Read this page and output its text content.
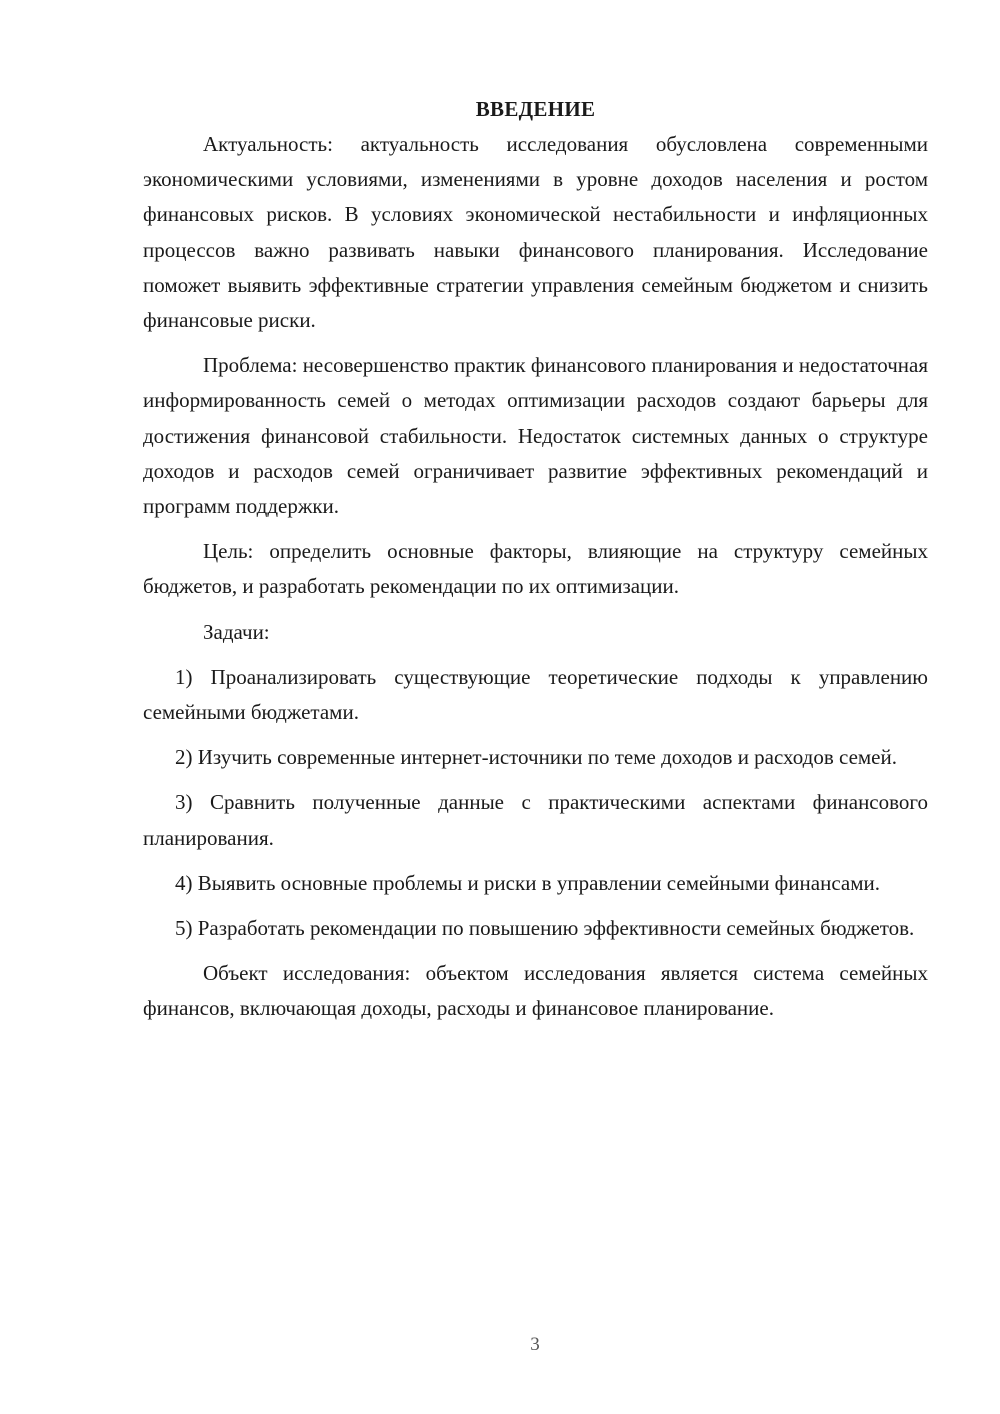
ВВЕДЕНИЕ

Актуальность: актуальность исследования обусловлена современными экономическими условиями, изменениями в уровне доходов населения и ростом финансовых рисков. В условиях экономической нестабильности и инфляционных процессов важно развивать навыки финансового планирования. Исследование поможет выявить эффективные стратегии управления семейным бюджетом и снизить финансовые риски.

Проблема: несовершенство практик финансового планирования и недостаточная информированность семей о методах оптимизации расходов создают барьеры для достижения финансовой стабильности. Недостаток системных данных о структуре доходов и расходов семей ограничивает развитие эффективных рекомендаций и программ поддержки.

Цель: определить основные факторы, влияющие на структуру семейных бюджетов, и разработать рекомендации по их оптимизации.

Задачи:

1) Проанализировать существующие теоретические подходы к управлению семейными бюджетами.

2) Изучить современные интернет-источники по теме доходов и расходов семей.

3) Сравнить полученные данные с практическими аспектами финансового планирования.

4) Выявить основные проблемы и риски в управлении семейными финансами.

5) Разработать рекомендации по повышению эффективности семейных бюджетов.

Объект исследования: объектом исследования является система семейных финансов, включающая доходы, расходы и финансовое планирование.

3
